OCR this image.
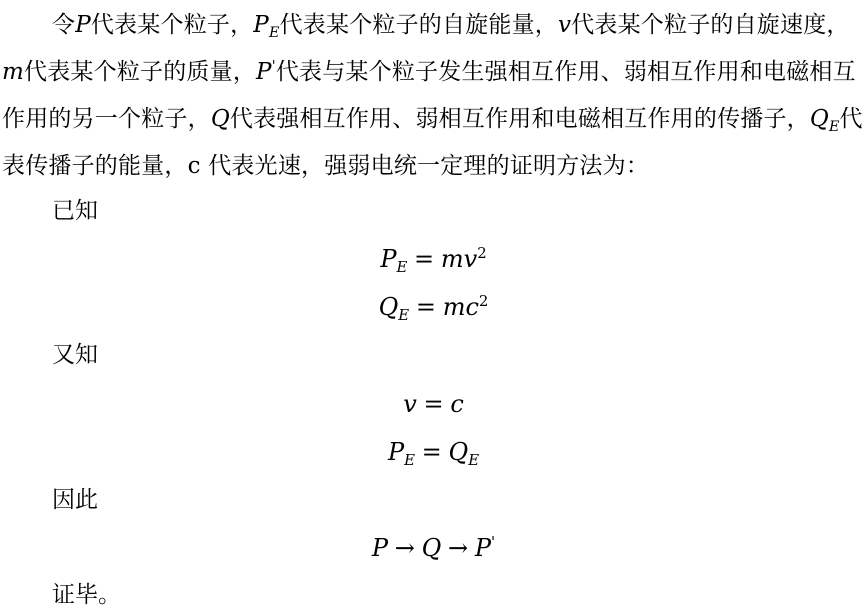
令P代表某个粒子，$P_E$代表某个粒子的自旋能量，v代表某个粒子的自旋速度，m代表某个粒子的质量，P'代表与某个粒子发生强相互作用、弱相互作用和电磁相互作用的另一个粒子，Q代表强相互作用、弱相互作用和电磁相互作用的传播子，$Q_E$代表传播子的能量，c 代表光速，强弱电统一定理的证明方法为：

已知
$P_E = mv^2$
$Q_E = mc^2$
又知
v = c
$P_E = Q_E$
因此
P → Q → P'
证毕。
